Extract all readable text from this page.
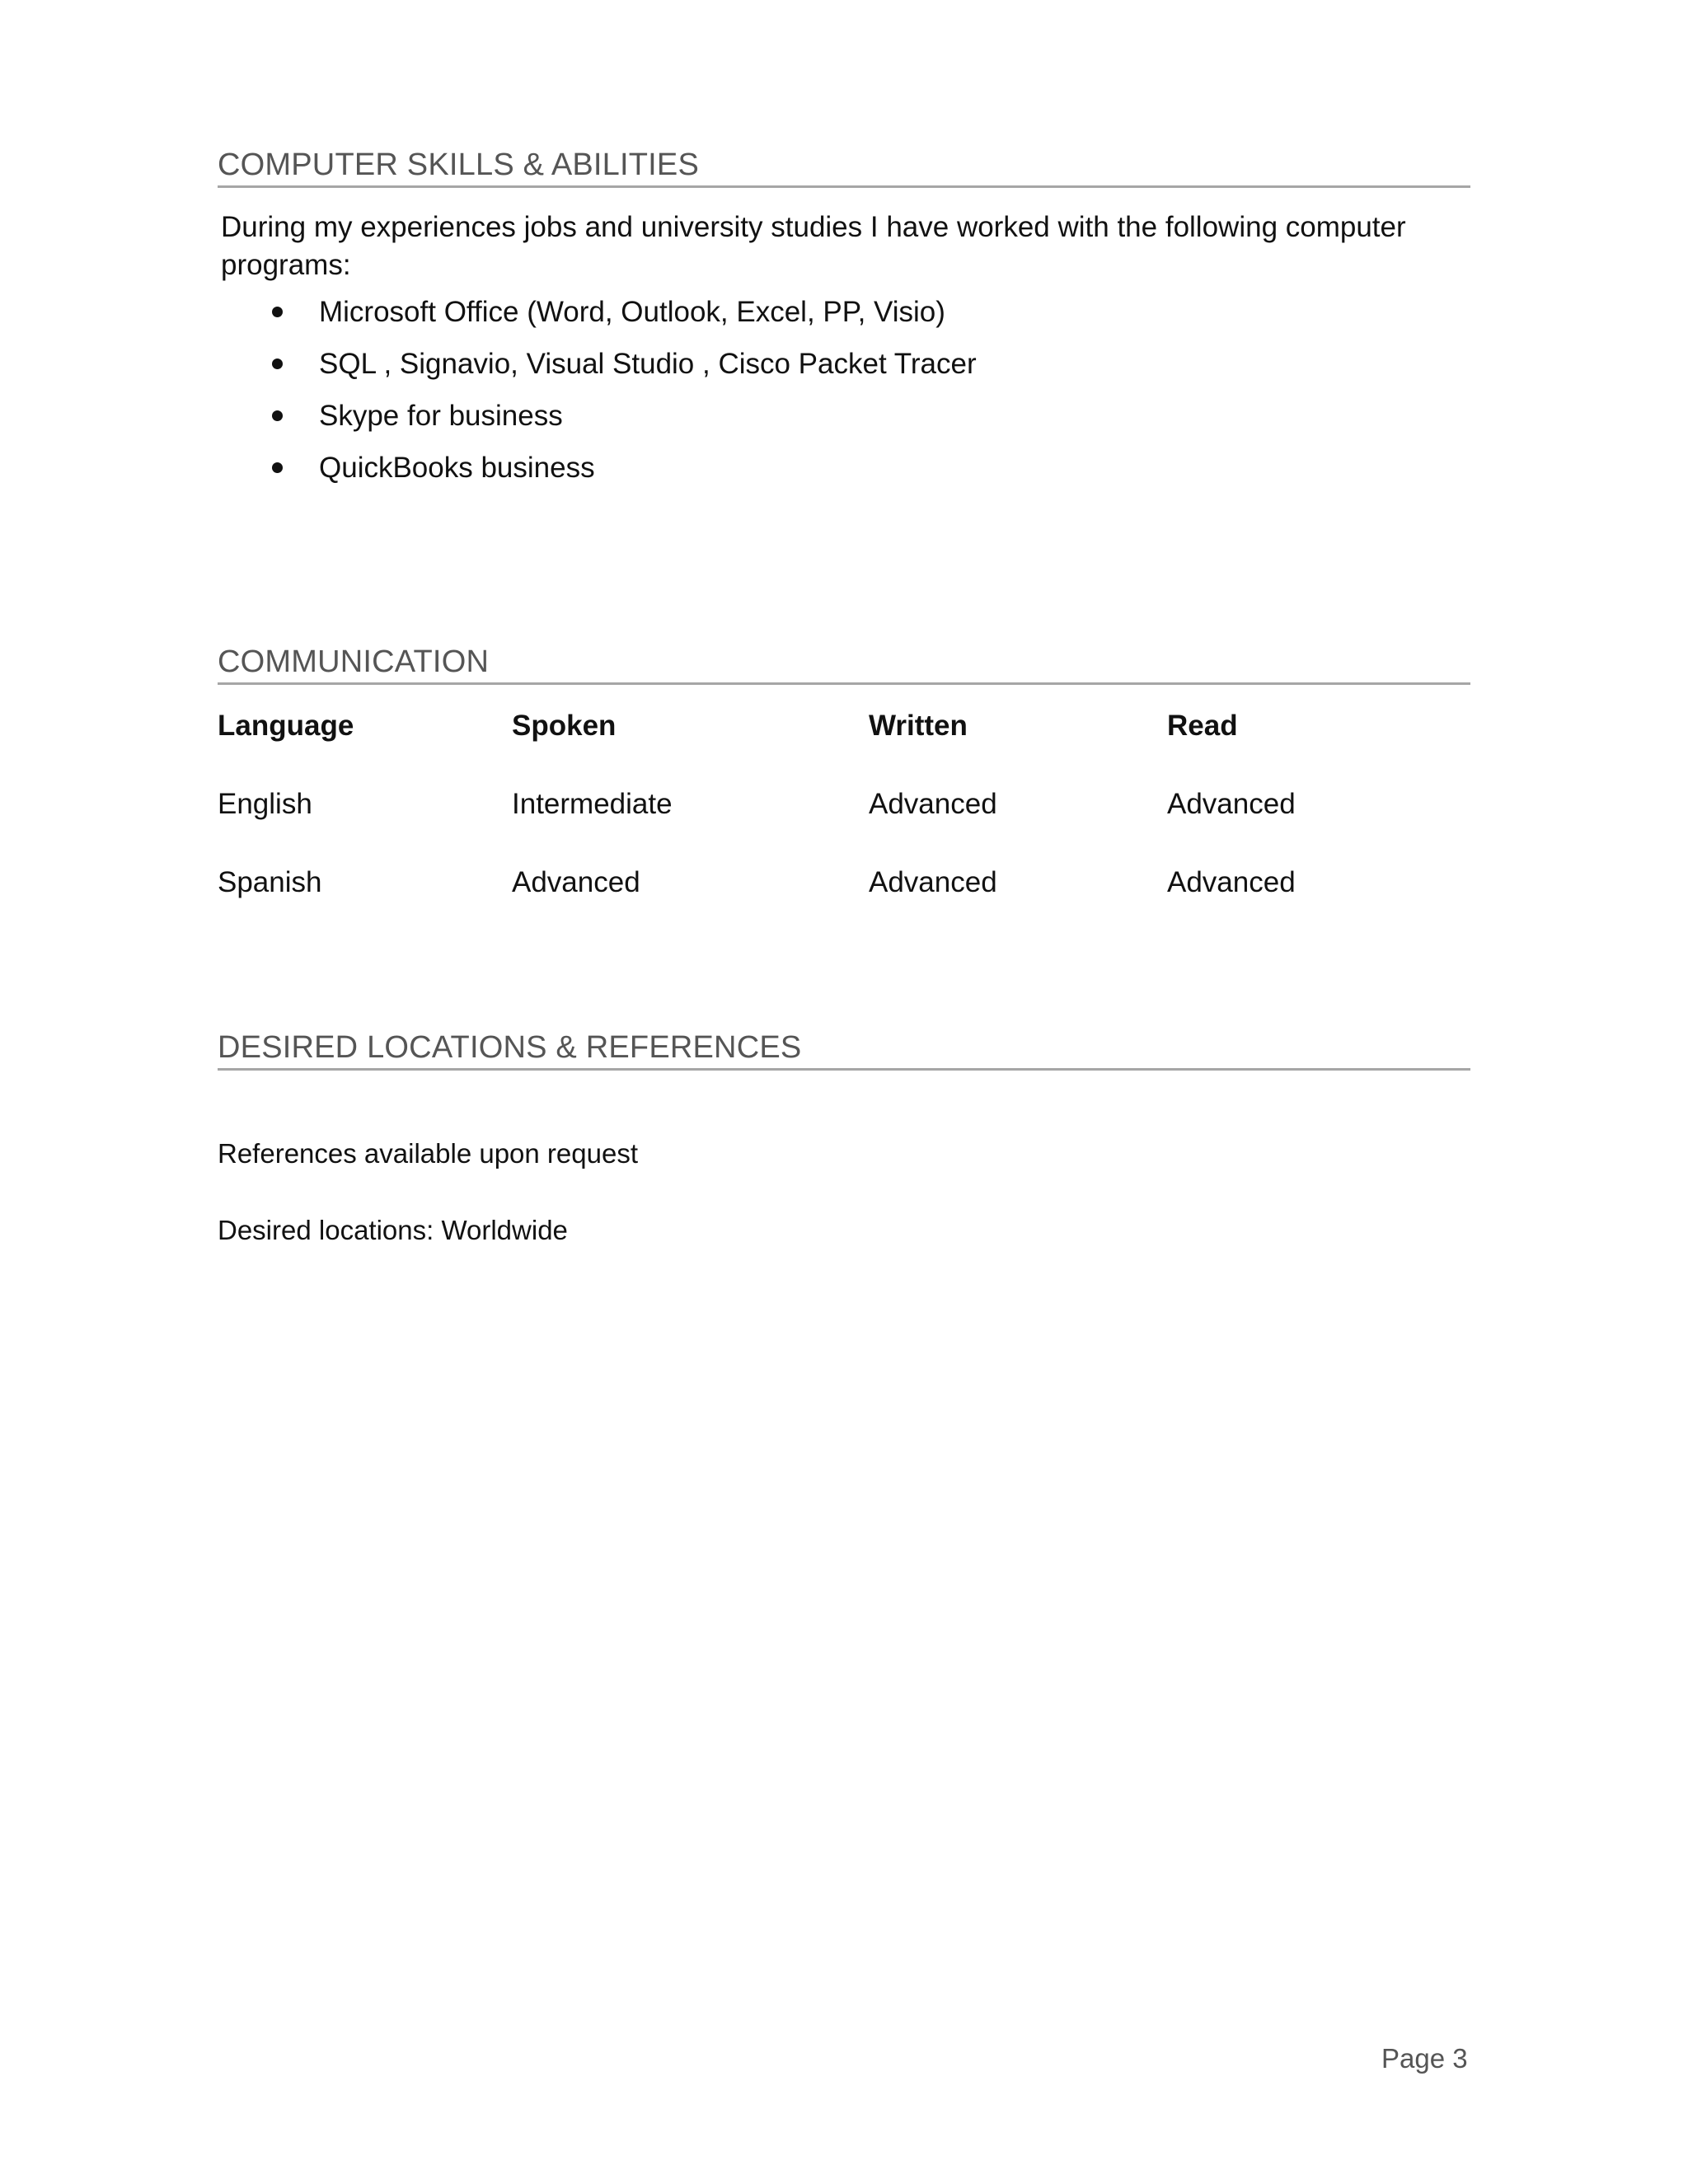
COMPUTER SKILLS & ABILITIES
During my experiences jobs and university studies I have worked with the following computer
programs:
Microsoft Office (Word, Outlook, Excel, PP, Visio)
SQL , Signavio, Visual Studio , Cisco Packet Tracer
Skype for business
QuickBooks business
COMMUNICATION
Language	Spoken	Written	Read
English	Intermediate	Advanced	Advanced
Spanish	Advanced	Advanced	Advanced
DESIRED LOCATIONS & REFERENCES
References available upon request
Desired locations: Worldwide
Page 3
